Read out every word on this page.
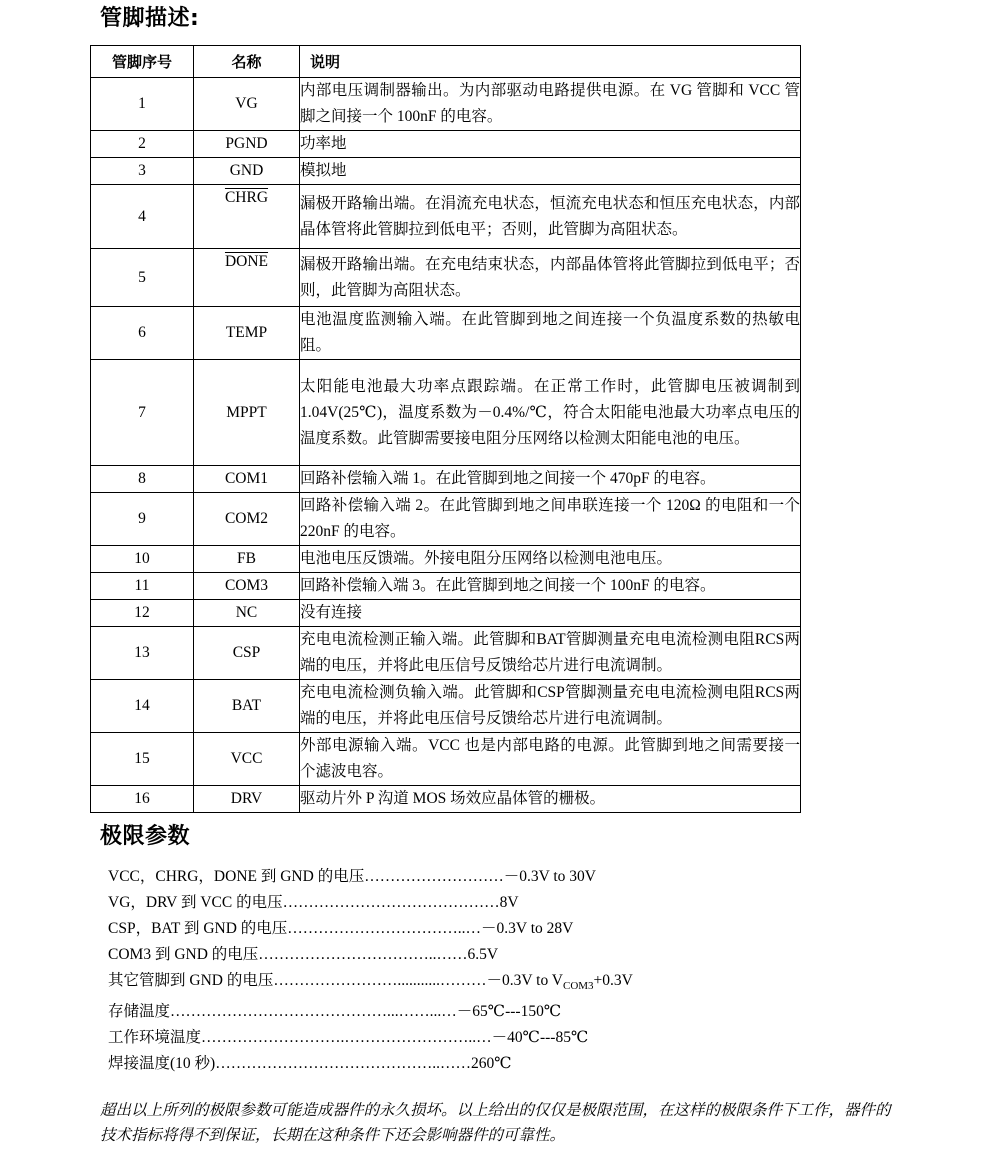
管脚描述:
管脚序号	名称	说明
1	VG	内部电压调制器输出。为内部驱动电路提供电源。在 VG 管脚和 VCC 管脚之间接一个 100nF 的电容。
2	PGND	功率地
3	GND	模拟地
4	CHRG	漏极开路输出端。在涓流充电状态，恒流充电状态和恒压充电状态，内部晶体管将此管脚拉到低电平；否则，此管脚为高阻状态。
5	DONE	漏极开路输出端。在充电结束状态，内部晶体管将此管脚拉到低电平；否则，此管脚为高阻状态。
6	TEMP	电池温度监测输入端。在此管脚到地之间连接一个负温度系数的热敏电阻。
7	MPPT	太阳能电池最大功率点跟踪端。在正常工作时，此管脚电压被调制到 1.04V(25℃)，温度系数为－0.4%/℃，符合太阳能电池最大功率点电压的温度系数。此管脚需要接电阻分压网络以检测太阳能电池的电压。
8	COM1	回路补偿输入端 1。在此管脚到地之间接一个 470pF 的电容。
9	COM2	回路补偿输入端 2。在此管脚到地之间串联连接一个 120Ω 的电阻和一个 220nF 的电容。
10	FB	电池电压反馈端。外接电阻分压网络以检测电池电压。
11	COM3	回路补偿输入端 3。在此管脚到地之间接一个 100nF 的电容。
12	NC	没有连接
13	CSP	充电电流检测正输入端。此管脚和BAT管脚测量充电电流检测电阻RCS两端的电压，并将此电压信号反馈给芯片进行电流调制。
14	BAT	充电电流检测负输入端。此管脚和CSP管脚测量充电电流检测电阻RCS两端的电压，并将此电压信号反馈给芯片进行电流调制。
15	VCC	外部电源输入端。VCC 也是内部电路的电源。此管脚到地之间需要接一个滤波电容。
16	DRV	驱动片外 P 沟道 MOS 场效应晶体管的栅极。
极限参数
VCC，CHRG，DONE 到 GND 的电压………………………－0.3V to 30V
VG，DRV 到 VCC 的电压……………………………………8V
CSP，BAT 到 GND 的电压……………………………..…－0.3V to 28V
COM3 到 GND 的电压……………………………..……6.5V
其它管脚到 GND 的电压……………………...........………－0.3V to $V_{COM3}+0.3V$
存储温度……………………………………...……...…－65℃---150℃
工作环境温度……………………….……………………..…－40℃---85℃
焊接温度(10 秒)……………………………………..……260℃

超出以上所列的极限参数可能造成器件的永久损坏。以上给出的仅仅是极限范围，在这样的极限条件下工作，器件的技术指标将得不到保证，长期在这种条件下还会影响器件的可靠性。
